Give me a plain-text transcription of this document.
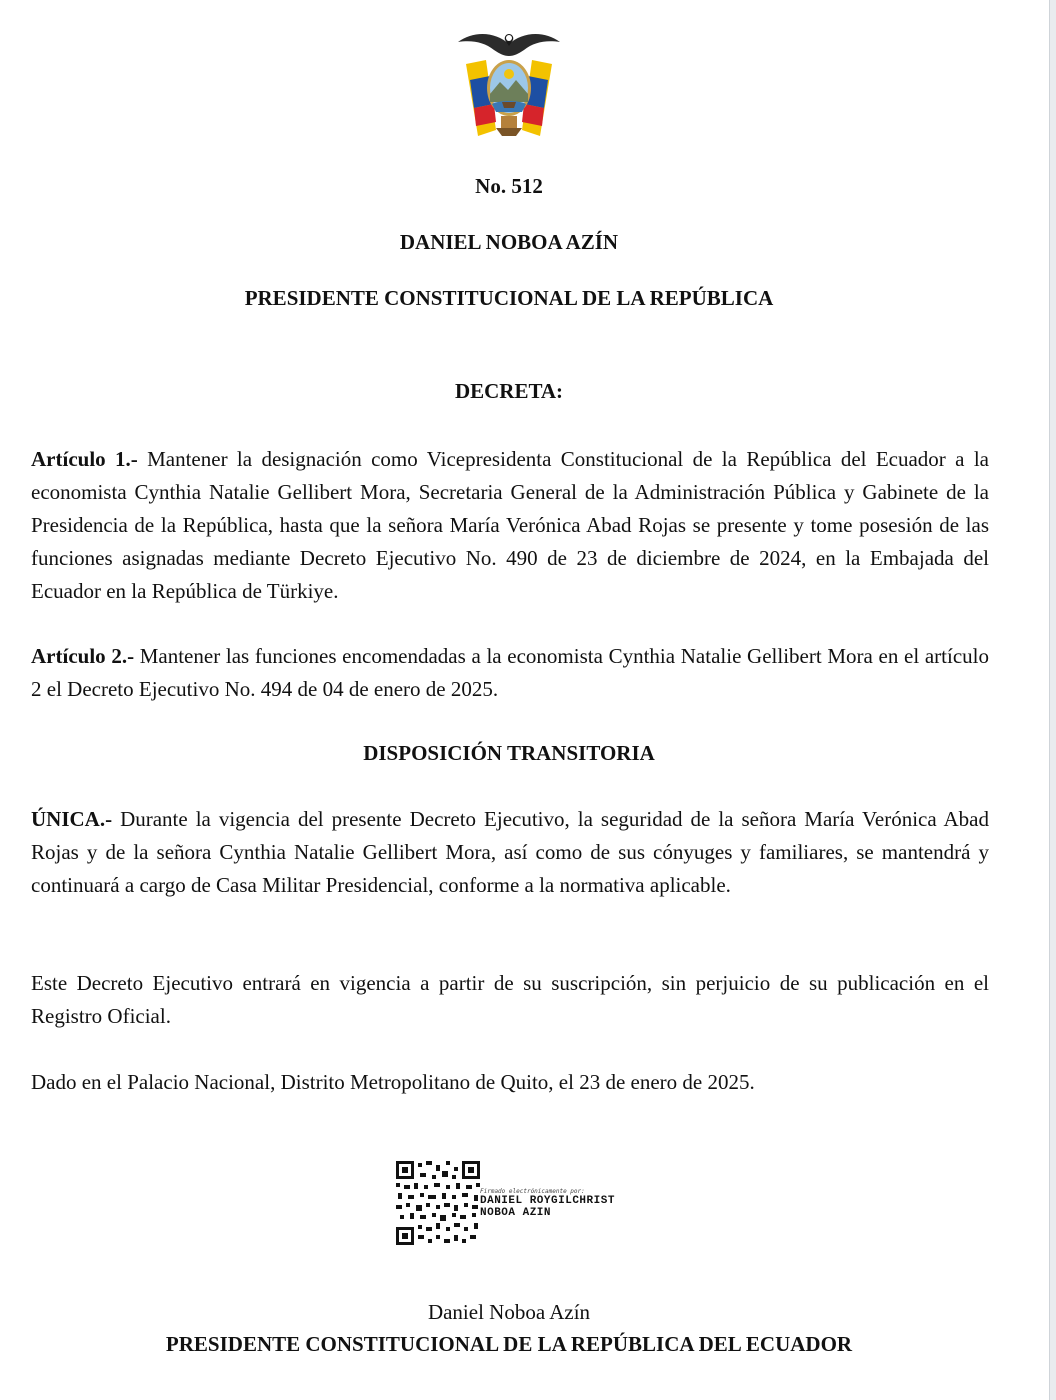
No. 512
DANIEL NOBOA AZÍN
PRESIDENTE CONSTITUCIONAL DE LA REPÚBLICA
DECRETA:

Artículo 1.- Mantener la designación como Vicepresidenta Constitucional de la República del Ecuador a la economista Cynthia Natalie Gellibert Mora, Secretaria General de la Administración Pública y Gabinete de la Presidencia de la República, hasta que la señora María Verónica Abad Rojas se presente y tome posesión de las funciones asignadas mediante Decreto Ejecutivo No. 490 de 23 de diciembre de 2024, en la Embajada del Ecuador en la República de Türkiye.

Artículo 2.- Mantener las funciones encomendadas a la economista Cynthia Natalie Gellibert Mora en el artículo 2 el Decreto Ejecutivo No. 494 de 04 de enero de 2025.

DISPOSICIÓN TRANSITORIA

ÚNICA.- Durante la vigencia del presente Decreto Ejecutivo, la seguridad de la señora María Verónica Abad Rojas y de la señora Cynthia Natalie Gellibert Mora, así como de sus cónyuges y familiares, se mantendrá y continuará a cargo de Casa Militar Presidencial, conforme a la normativa aplicable.

Este Decreto Ejecutivo entrará en vigencia a partir de su suscripción, sin perjuicio de su publicación en el Registro Oficial.

Dado en el Palacio Nacional, Distrito Metropolitano de Quito, el 23 de enero de 2025.

Firmado electrónicamente por:
DANIEL ROYGILCHRIST
NOBOA AZIN
Daniel Noboa Azín
PRESIDENTE CONSTITUCIONAL DE LA REPÚBLICA DEL ECUADOR
